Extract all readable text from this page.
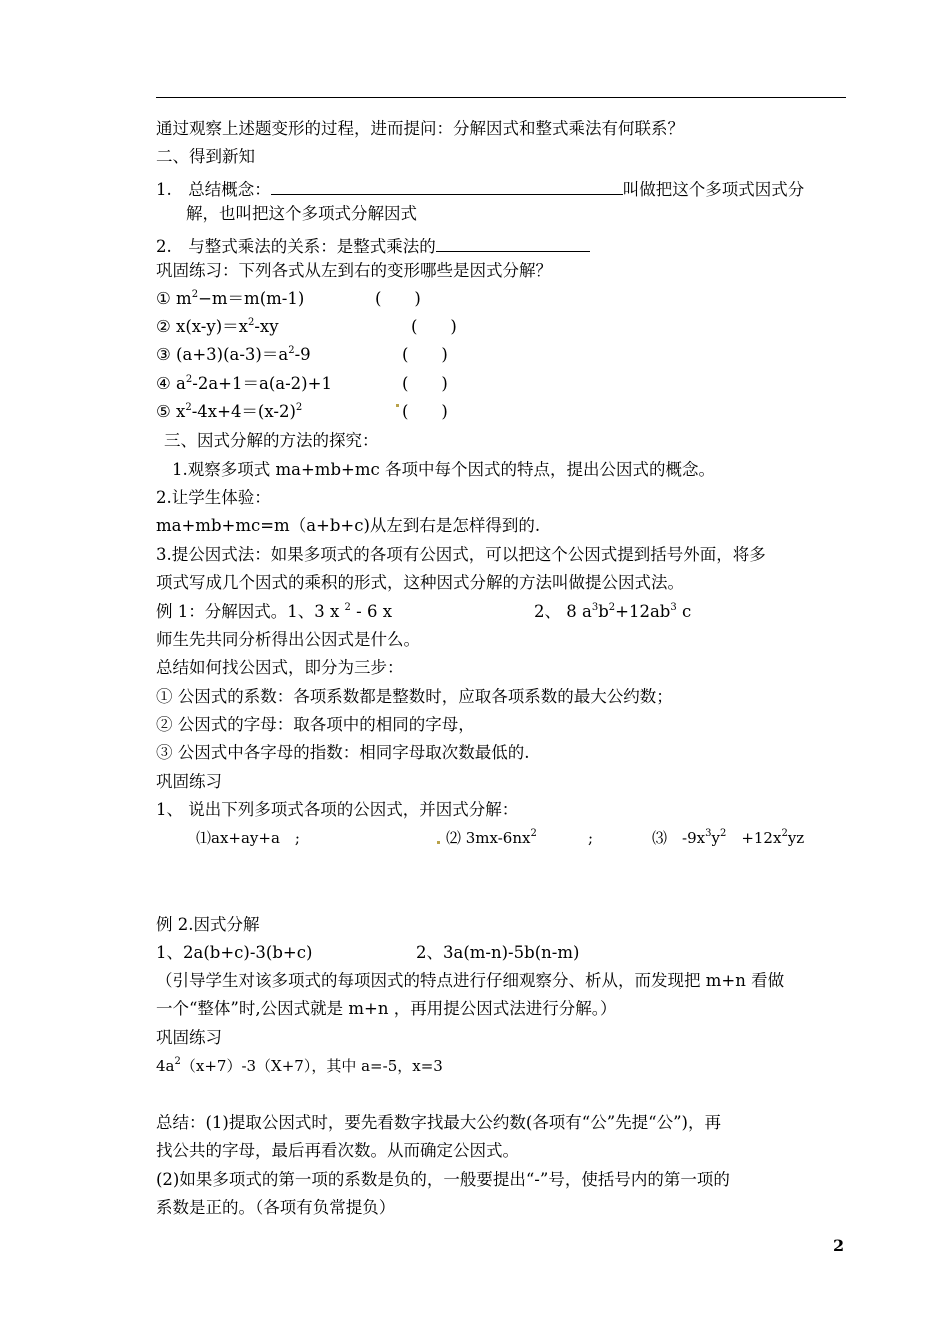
通过观察上述题变形的过程，进而提问：分解因式和整式乘法有何联系？
二、得到新知
1.　总结概念：	叫做把这个多项式因式分
解，也叫把这个多项式分解因式
2.　与整式乘法的关系：是整式乘法的
巩固练习：下列各式从左到右的变形哪些是因式分解？
① $m^2-m=m(m-1)$	(　　)
② $x(x-y)=x^2-xy$	(　　)
③ $(a+3)(a-3)=a^2-9$	(　　)
④ $a^2-2a+1=a(a-2)+1$	(　　)
⑤ $x^2-4x+4=(x-2)^2$	(　　)
三、因式分解的方法的探究：
1.观察多项式 ma+mb+mc 各项中每个因式的特点，提出公因式的概念。
2.让学生体验：
ma+mb+mc=m（a+b+c)从左到右是怎样得到的.
3.提公因式法：如果多项式的各项有公因式，可以把这个公因式提到括号外面，将多
项式写成几个因式的乘积的形式，这种因式分解的方法叫做提公因式法。
例 1：分解因式。1、3 x $^2$ - 6 x	2、 8 $a^3b^2+12ab^3$ c
师生先共同分析得出公因式是什么。
总结如何找公因式，即分为三步：
① 公因式的系数：各项系数都是整数时，应取各项系数的最大公约数；
② 公因式的字母：取各项中的相同的字母，
③ 公因式中各字母的指数：相同字母取次数最低的.
巩固练习
1、 说出下列多项式各项的公因式，并因式分解：
⑴ax+ay+a　;	⑵ $3mx-6nx^2$	;	⑶　$-9x^3y^2$　$+12x^2yz$
例 2.因式分解
1、2a(b+c)-3(b+c)	2、3a(m-n)-5b(n-m)
（引导学生对该多项式的每项因式的特点进行仔细观察分、析从，而发现把 m+n 看做
一个“整体”时,公因式就是 m+n ，再用提公因式法进行分解。）
巩固练习
$4a^2(x+7)-3(X+7)$，其中 a=-5，x=3
总结：(1)提取公因式时，要先看数字找最大公约数(各项有“公”先提“公”)，再
找公共的字母，最后再看次数。从而确定公因式。
(2)如果多项式的第一项的系数是负的，一般要提出“-”号，使括号内的第一项的
系数是正的。（各项有负常提负）
2
